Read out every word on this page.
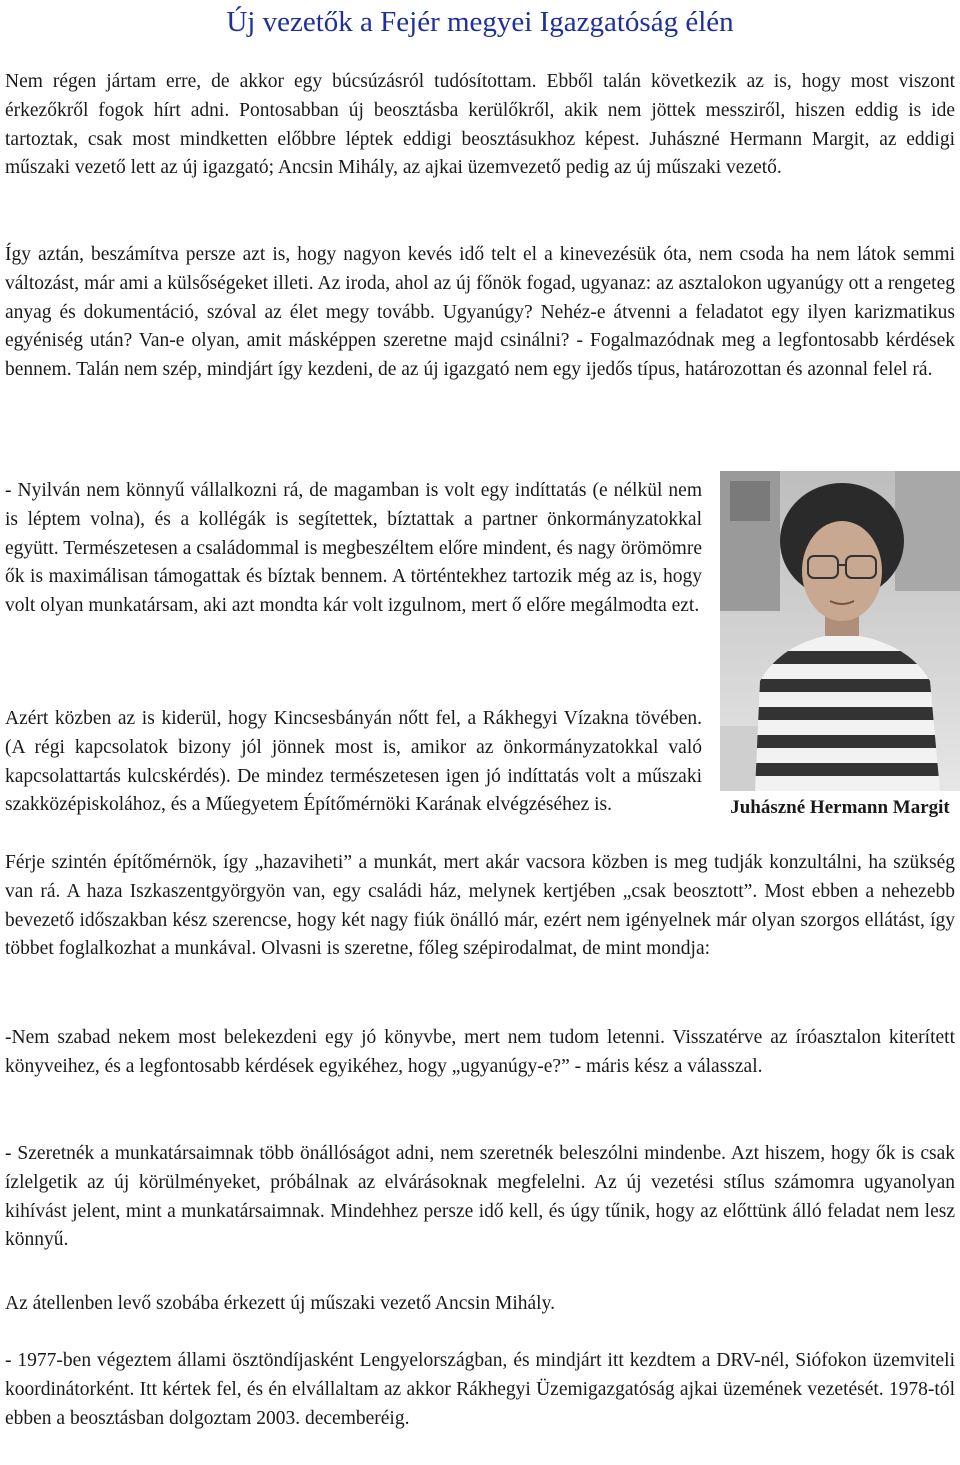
Új vezetők a Fejér megyei Igazgatóság élén

Nem régen jártam erre, de akkor egy búcsúzásról tudósítottam. Ebből talán következik az is, hogy most viszont érkezőkről fogok hírt adni. Pontosabban új beosztásba kerülőkről, akik nem jöttek messziről, hiszen eddig is ide tartoztak, csak most mindketten előbbre léptek eddigi beosztásukhoz képest. Juhászné Hermann Margit, az eddigi műszaki vezető lett az új igazgató; Ancsin Mihály, az ajkai üzemvezető pedig az új műszaki vezető.

Így aztán, beszámítva persze azt is, hogy nagyon kevés idő telt el a kinevezésük óta, nem csoda ha nem látok semmi változást, már ami a külsőségeket illeti. Az iroda, ahol az új főnök fogad, ugyanaz: az asztalokon ugyanúgy ott a rengeteg anyag és dokumentáció, szóval az élet megy tovább. Ugyanúgy? Nehéz-e átvenni a feladatot egy ilyen karizmatikus egyéniség után? Van-e olyan, amit másképpen szeretne majd csinálni? - Fogalmazódnak meg a legfontosabb kérdések bennem. Talán nem szép, mindjárt így kezdeni, de az új igazgató nem egy ijedős típus, határozottan és azonnal felel rá.

- Nyilván nem könnyű vállalkozni rá, de magamban is volt egy indíttatás (e nélkül nem is léptem volna), és a kollégák is segítettek, bíztattak a partner önkormányzatokkal együtt. Természetesen a családommal is megbeszéltem előre mindent, és nagy örömömre ők is maximálisan támogattak és bíztak bennem. A történtekhez tartozik még az is, hogy volt olyan munkatársam, aki azt mondta kár volt izgulnom, mert ő előre megálmodta ezt.

Azért közben az is kiderül, hogy Kincsesbányán nőtt fel, a Rákhegyi Vízakna tövében. (A régi kapcsolatok bizony jól jönnek most is, amikor az önkormányzatokkal való kapcsolattartás kulcskérdés). De mindez természetesen igen jó indíttatás volt a műszaki szakközépiskolához, és a Műegyetem Építőmérnöki Karának elvégzéséhez is.

Férje szintén építőmérnök, így „hazaviheti” a munkát, mert akár vacsora közben is meg tudják konzultálni, ha szükség van rá. A haza Iszkaszentgyörgyön van, egy családi ház, melynek kertjében „csak beosztott”. Most ebben a nehezebb bevezető időszakban kész szerencse, hogy két nagy fiúk önálló már, ezért nem igényelnek már olyan szorgos ellátást, így többet foglalkozhat a munkával. Olvasni is szeretne, főleg szépirodalmat, de mint mondja:

-Nem szabad nekem most belekezdeni egy jó könyvbe, mert nem tudom letenni. Visszatérve az íróasztalon kiterített könyveihez, és a legfontosabb kérdések egyikéhez, hogy „ugyanúgy-e?” - máris kész a válasszal.

- Szeretnék a munkatársaimnak több önállóságot adni, nem szeretnék beleszólni mindenbe. Azt hiszem, hogy ők is csak ízlelgetik az új körülményeket, próbálnak az elvárásoknak megfelelni. Az új vezetési stílus számomra ugyanolyan kihívást jelent, mint a munkatársaimnak. Mindehhez persze idő kell, és úgy tűnik, hogy az előttünk álló feladat nem lesz könnyű.

Az átellenben levő szobába érkezett új műszaki vezető Ancsin Mihály.

- 1977-ben végeztem állami ösztöndíjasként Lengyelországban, és mindjárt itt kezdtem a DRV-nél, Siófokon üzemviteli koordinátorként. Itt kértek fel, és én elvállaltam az akkor Rákhegyi Üzemigazgatóság ajkai üzemének vezetését. 1978-tól ebben a beosztásban dolgoztam 2003. decemberéig.

Juhászné Hermann Margit
